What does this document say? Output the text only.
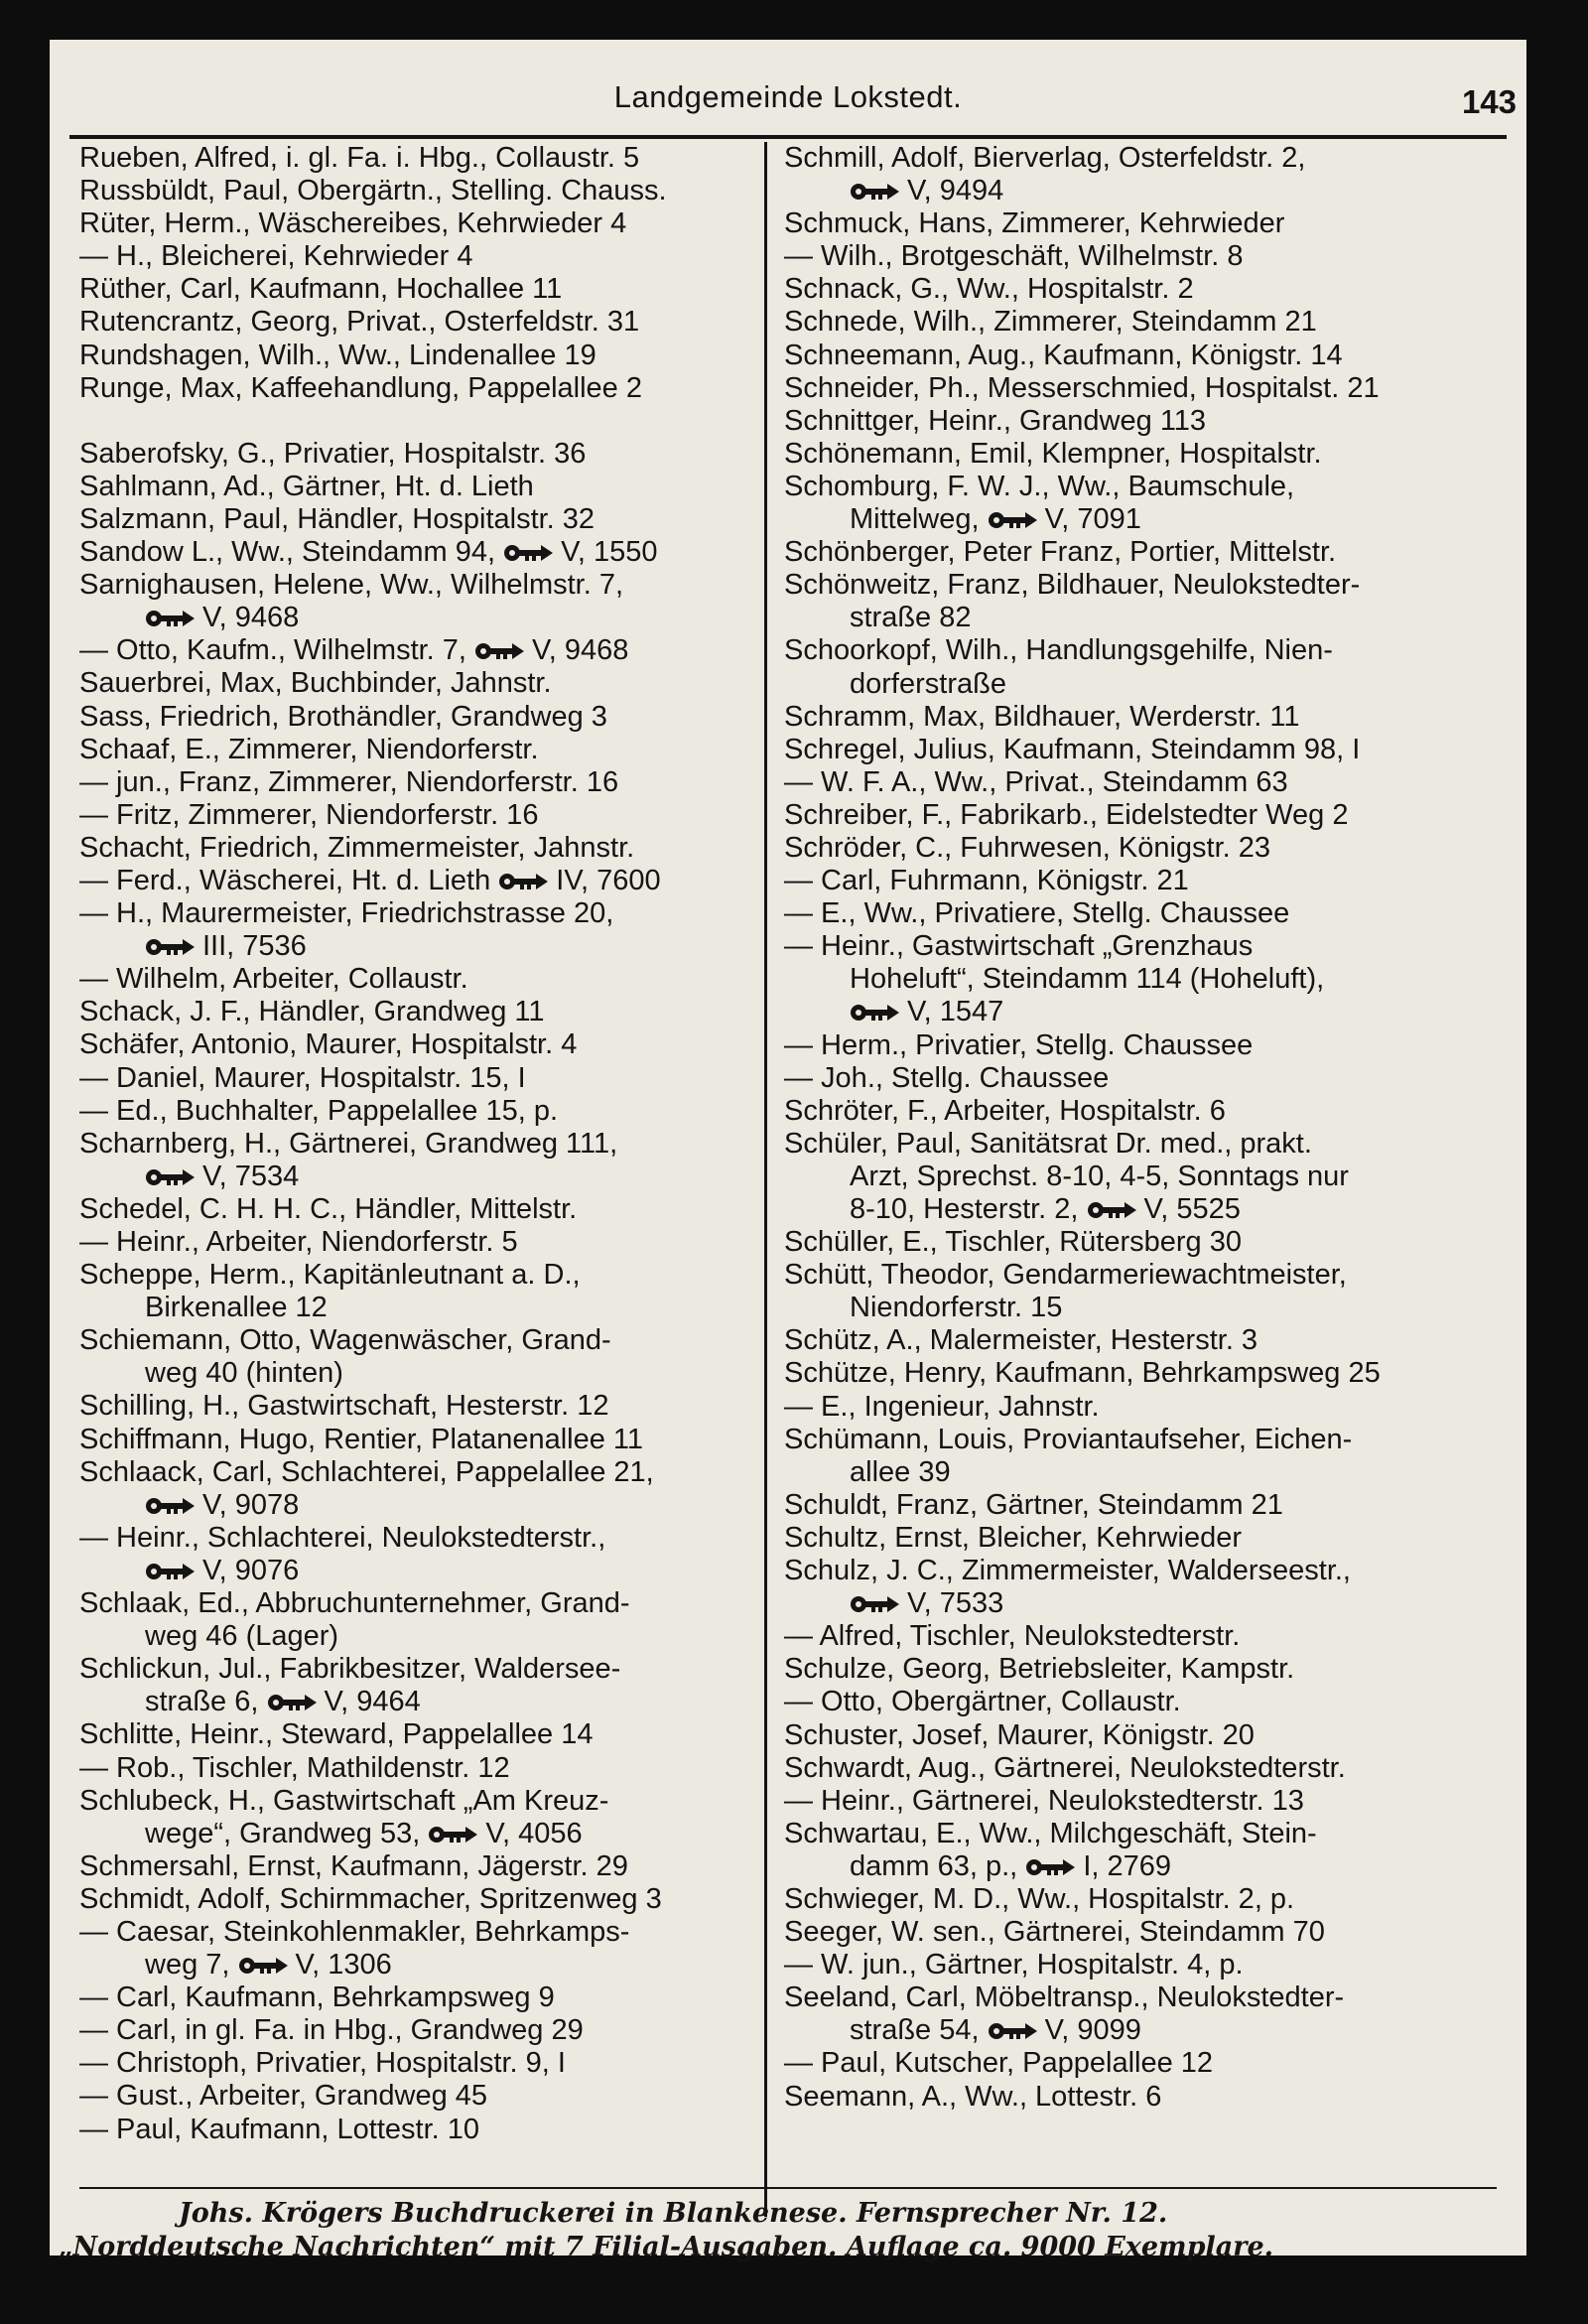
Landgemeinde Lokstedt.	143
Rueben, Alfred, i. gl. Fa. i. Hbg., Collaustr. 5
Russbüldt, Paul, Obergärtn., Stelling. Chauss.
Rüter, Herm., Wäschereibes, Kehrwieder 4
— H., Bleicherei, Kehrwieder 4
Rüther, Carl, Kaufmann, Hochallee 11
Rutencrantz, Georg, Privat., Osterfeldstr. 31
Rundshagen, Wilh., Ww., Lindenallee 19
Runge, Max, Kaffeehandlung, Pappelallee 2
Saberofsky, G., Privatier, Hospitalstr. 36
Sahlmann, Ad., Gärtner, Ht. d. Lieth
Salzmann, Paul, Händler, Hospitalstr. 32
Sandow L., Ww., Steindamm 94, V, 1550
Sarnighausen, Helene, Ww., Wilhelmstr. 7,
V, 9468
— Otto, Kaufm., Wilhelmstr. 7, V, 9468
Sauerbrei, Max, Buchbinder, Jahnstr.
Sass, Friedrich, Brothändler, Grandweg 3
Schaaf, E., Zimmerer, Niendorferstr.
— jun., Franz, Zimmerer, Niendorferstr. 16
— Fritz, Zimmerer, Niendorferstr. 16
Schacht, Friedrich, Zimmermeister, Jahnstr.
— Ferd., Wäscherei, Ht. d. Lieth IV, 7600
— H., Maurermeister, Friedrichstrasse 20,
III, 7536
— Wilhelm, Arbeiter, Collaustr.
Schack, J. F., Händler, Grandweg 11
Schäfer, Antonio, Maurer, Hospitalstr. 4
— Daniel, Maurer, Hospitalstr. 15, I
— Ed., Buchhalter, Pappelallee 15, p.
Scharnberg, H., Gärtnerei, Grandweg 111,
V, 7534
Schedel, C. H. H. C., Händler, Mittelstr.
— Heinr., Arbeiter, Niendorferstr. 5
Scheppe, Herm., Kapitänleutnant a. D.,
Birkenallee 12
Schiemann, Otto, Wagenwäscher, Grand-
weg 40 (hinten)
Schilling, H., Gastwirtschaft, Hesterstr. 12
Schiffmann, Hugo, Rentier, Platanenallee 11
Schlaack, Carl, Schlachterei, Pappelallee 21,
V, 9078
— Heinr., Schlachterei, Neulokstedterstr.,
V, 9076
Schlaak, Ed., Abbruchunternehmer, Grand-
weg 46 (Lager)
Schlickun, Jul., Fabrikbesitzer, Waldersee-
straße 6, V, 9464
Schlitte, Heinr., Steward, Pappelallee 14
— Rob., Tischler, Mathildenstr. 12
Schlubeck, H., Gastwirtschaft „Am Kreuz-
wege“, Grandweg 53, V, 4056
Schmersahl, Ernst, Kaufmann, Jägerstr. 29
Schmidt, Adolf, Schirmmacher, Spritzenweg 3
— Caesar, Steinkohlenmakler, Behrkamps-
weg 7, V, 1306
— Carl, Kaufmann, Behrkampsweg 9
— Carl, in gl. Fa. in Hbg., Grandweg 29
— Christoph, Privatier, Hospitalstr. 9, I
— Gust., Arbeiter, Grandweg 45
— Paul, Kaufmann, Lottestr. 10
Schmill, Adolf, Bierverlag, Osterfeldstr. 2,
V, 9494
Schmuck, Hans, Zimmerer, Kehrwieder
— Wilh., Brotgeschäft, Wilhelmstr. 8
Schnack, G., Ww., Hospitalstr. 2
Schnede, Wilh., Zimmerer, Steindamm 21
Schneemann, Aug., Kaufmann, Königstr. 14
Schneider, Ph., Messerschmied, Hospitalst. 21
Schnittger, Heinr., Grandweg 113
Schönemann, Emil, Klempner, Hospitalstr.
Schomburg, F. W. J., Ww., Baumschule,
Mittelweg, V, 7091
Schönberger, Peter Franz, Portier, Mittelstr.
Schönweitz, Franz, Bildhauer, Neulokstedter-
straße 82
Schoorkopf, Wilh., Handlungsgehilfe, Nien-
dorferstraße
Schramm, Max, Bildhauer, Werderstr. 11
Schregel, Julius, Kaufmann, Steindamm 98, I
— W. F. A., Ww., Privat., Steindamm 63
Schreiber, F., Fabrikarb., Eidelstedter Weg 2
Schröder, C., Fuhrwesen, Königstr. 23
— Carl, Fuhrmann, Königstr. 21
— E., Ww., Privatiere, Stellg. Chaussee
— Heinr., Gastwirtschaft „Grenzhaus
Hoheluft“, Steindamm 114 (Hoheluft),
V, 1547
— Herm., Privatier, Stellg. Chaussee
— Joh., Stellg. Chaussee
Schröter, F., Arbeiter, Hospitalstr. 6
Schüler, Paul, Sanitätsrat Dr. med., prakt.
Arzt, Sprechst. 8-10, 4-5, Sonntags nur
8-10, Hesterstr. 2, V, 5525
Schüller, E., Tischler, Rütersberg 30
Schütt, Theodor, Gendarmeriewachtmeister,
Niendorferstr. 15
Schütz, A., Malermeister, Hesterstr. 3
Schütze, Henry, Kaufmann, Behrkampsweg 25
— E., Ingenieur, Jahnstr.
Schümann, Louis, Proviantaufseher, Eichen-
allee 39
Schuldt, Franz, Gärtner, Steindamm 21
Schultz, Ernst, Bleicher, Kehrwieder
Schulz, J. C., Zimmermeister, Walderseestr.,
V, 7533
— Alfred, Tischler, Neulokstedterstr.
Schulze, Georg, Betriebsleiter, Kampstr.
— Otto, Obergärtner, Collaustr.
Schuster, Josef, Maurer, Königstr. 20
Schwardt, Aug., Gärtnerei, Neulokstedterstr.
— Heinr., Gärtnerei, Neulokstedterstr. 13
Schwartau, E., Ww., Milchgeschäft, Stein-
damm 63, p., I, 2769
Schwieger, M. D., Ww., Hospitalstr. 2, p.
Seeger, W. sen., Gärtnerei, Steindamm 70
— W. jun., Gärtner, Hospitalstr. 4, p.
Seeland, Carl, Möbeltransp., Neulokstedter-
straße 54, V, 9099
— Paul, Kutscher, Pappelallee 12
Seemann, A., Ww., Lottestr. 6
Johs. Krögers Buchdruckerei in Blankenese. Fernsprecher Nr. 12.
„Norddeutsche Nachrichten“ mit 7 Filial-Ausgaben. Auflage ca. 9000 Exemplare.
